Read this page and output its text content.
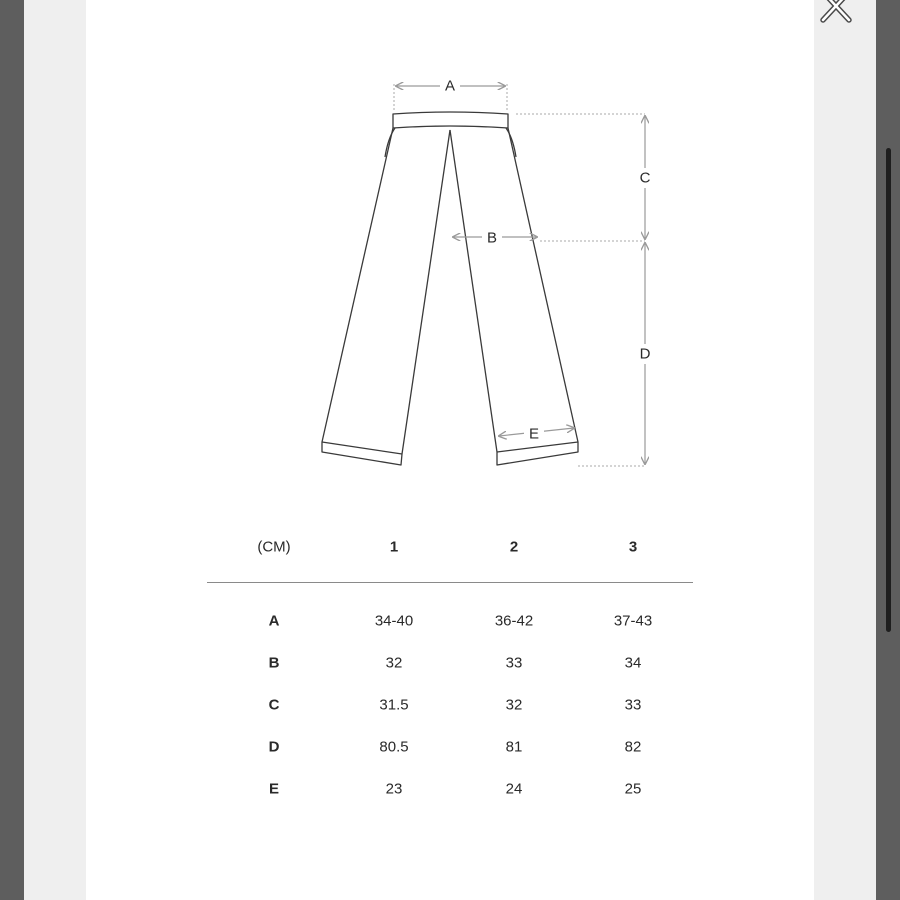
A
B
C
D
E
(CM)	1	2	3
A	34-40	36-42	37-43
B	32	33	34
C	31.5	32	33
D	80.5	81	82
E	23	24	25
